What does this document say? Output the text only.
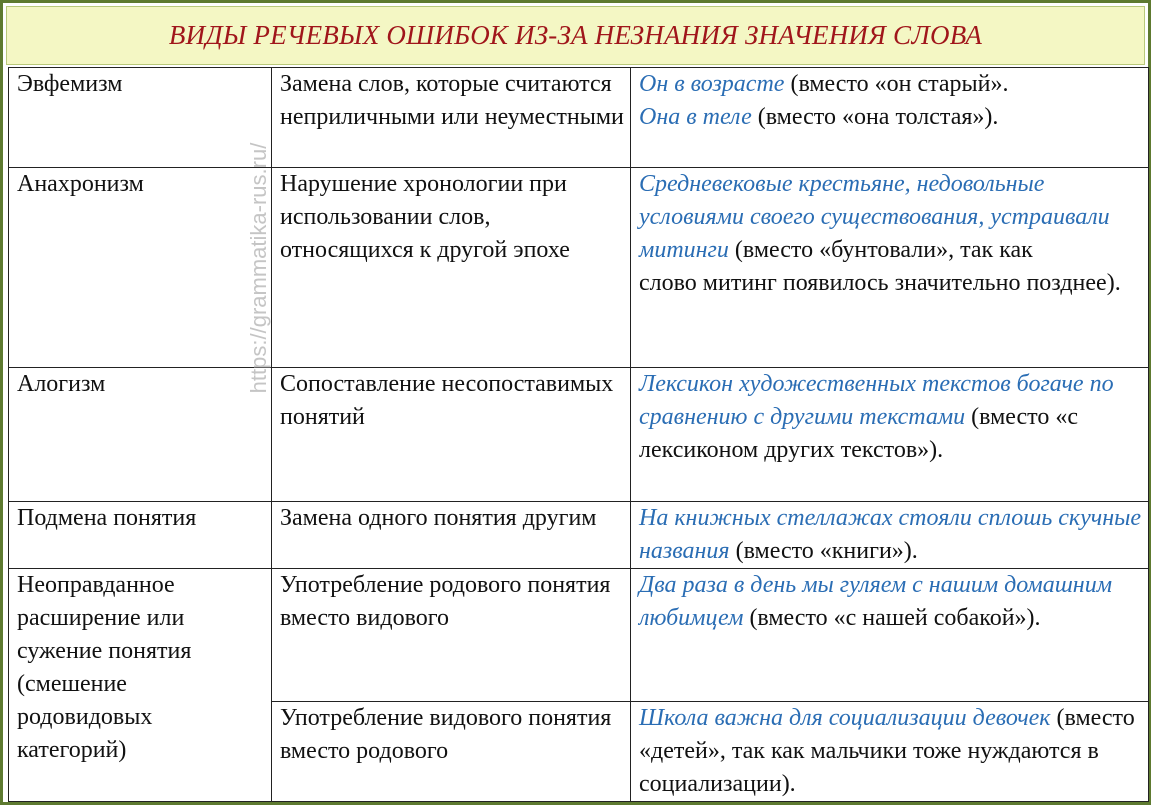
ВИДЫ РЕЧЕВЫХ ОШИБОК ИЗ-ЗА НЕЗНАНИЯ ЗНАЧЕНИЯ СЛОВА
Эвфемизм	Замена слов, которые считаются неприличными или неуместными	Он в возрасте (вместо «он старый».
Она в теле (вместо «она толстая»).
Анахронизм	Нарушение хронологии при использовании слов, относящихся к другой эпохе	Средневековые крестьяне, недовольные условиями своего существования, устраивали митинги (вместо «бунтовали», так как
слово митинг появилось значительно позднее).
Алогизм	Сопоставление несопоставимых понятий	Лексикон художественных текстов богаче по сравнению с другими текстами (вместо «с лексиконом других текстов»).
Подмена понятия	Замена одного понятия другим	На книжных стеллажах стояли сплошь скучные названия (вместо «книги»).
Неоправданное расширение или сужение понятия (смешение родовидовых категорий)	Употребление родового понятия вместо видового	Два раза в день мы гуляем с нашим домашним любимцем (вместо «с нашей собакой»).
	Употребление видового понятия вместо родового	Школа важна для социализации девочек (вместо «детей», так как мальчики тоже нуждаются в социализации).
https://grammatika-rus.ru/
